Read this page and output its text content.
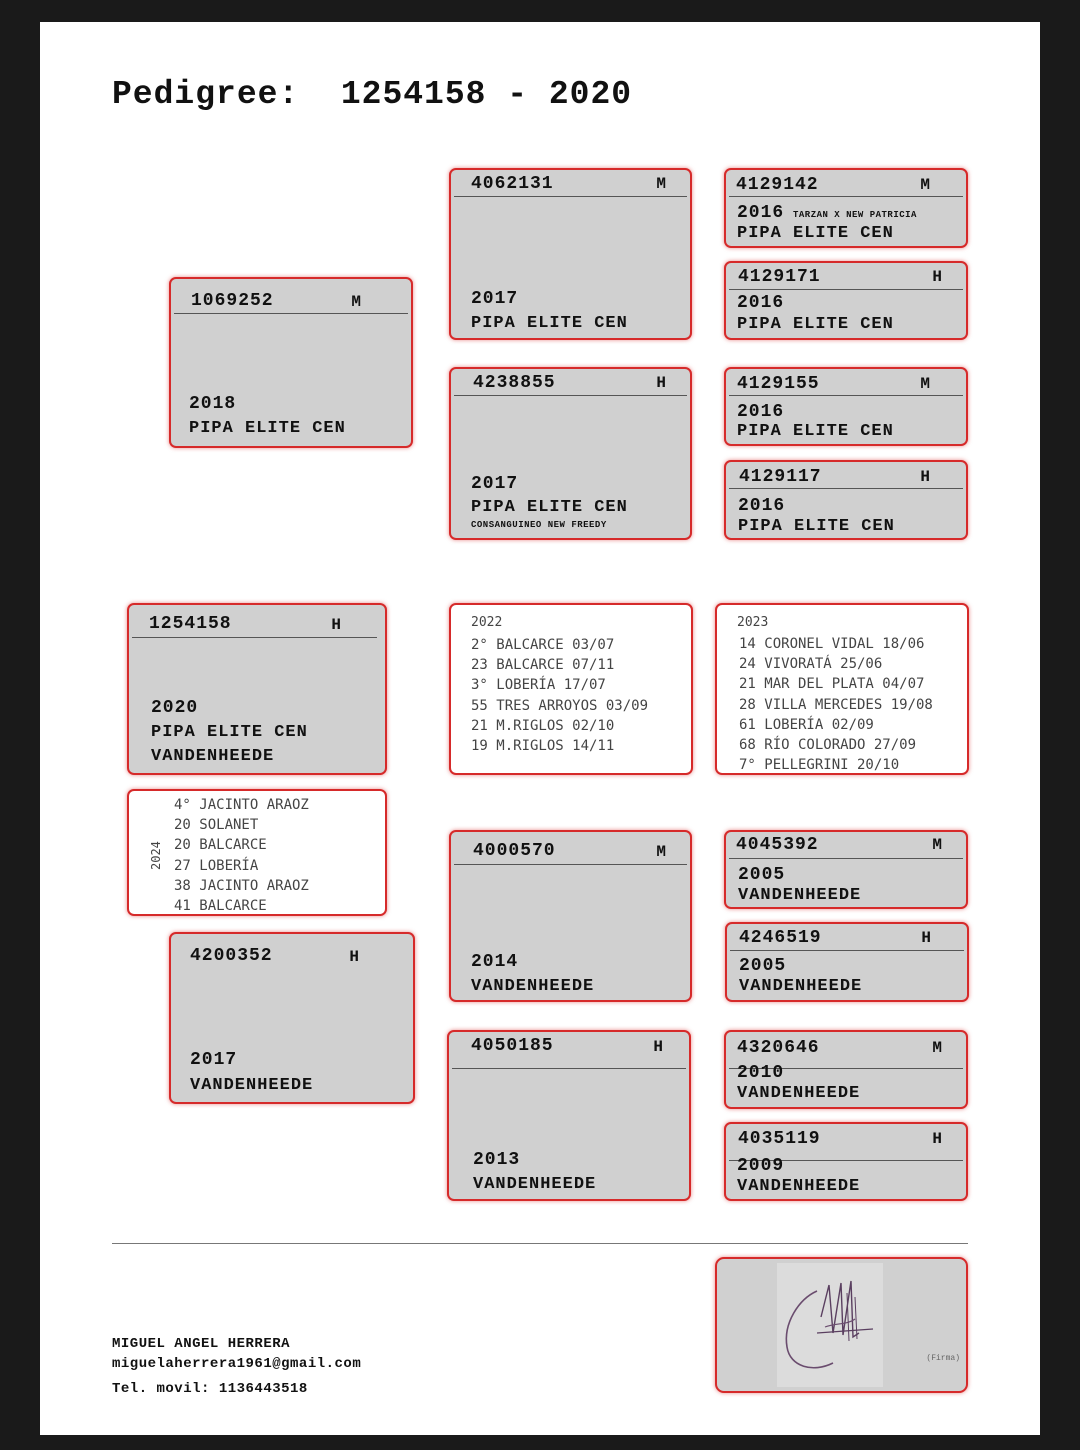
Pedigree: 1254158 - 2020
1069252	M
2018
PIPA ELITE CEN
4062131	M
2017
PIPA ELITE CEN
4238855	H
2017
PIPA ELITE CEN
CONSANGUINEO NEW FREEDY
4129142	M
2016 TARZAN X NEW PATRICIA
PIPA ELITE CEN
4129171	H
2016
PIPA ELITE CEN
4129155	M
2016
PIPA ELITE CEN
4129117	H
2016
PIPA ELITE CEN
1254158	H
2020
PIPA ELITE CEN
VANDENHEEDE
2022
2° BALCARCE 03/07
23 BALCARCE 07/11
3° LOBERÍA 17/07
55 TRES ARROYOS 03/09
21 M.RIGLOS 02/10
19 M.RIGLOS 14/11
2023
14 CORONEL VIDAL 18/06
24 VIVORATÁ 25/06
21 MAR DEL PLATA 04/07
28 VILLA MERCEDES 19/08
61 LOBERÍA 02/09
68 RÍO COLORADO 27/09
7° PELLEGRINI 20/10
2024
4° JACINTO ARAOZ
20 SOLANET
20 BALCARCE
27 LOBERÍA
38 JACINTO ARAOZ
41 BALCARCE
4200352	H
2017
VANDENHEEDE
4000570	M
2014
VANDENHEEDE
4050185	H
2013
VANDENHEEDE
4045392	M
2005
VANDENHEEDE
4246519	H
2005
VANDENHEEDE
4320646	M
2010
VANDENHEEDE
4035119	H
2009
VANDENHEEDE
MIGUEL ANGEL HERRERA
miguelaherrera1961@gmail.com
Tel. movil: 1136443518
(Firma)
